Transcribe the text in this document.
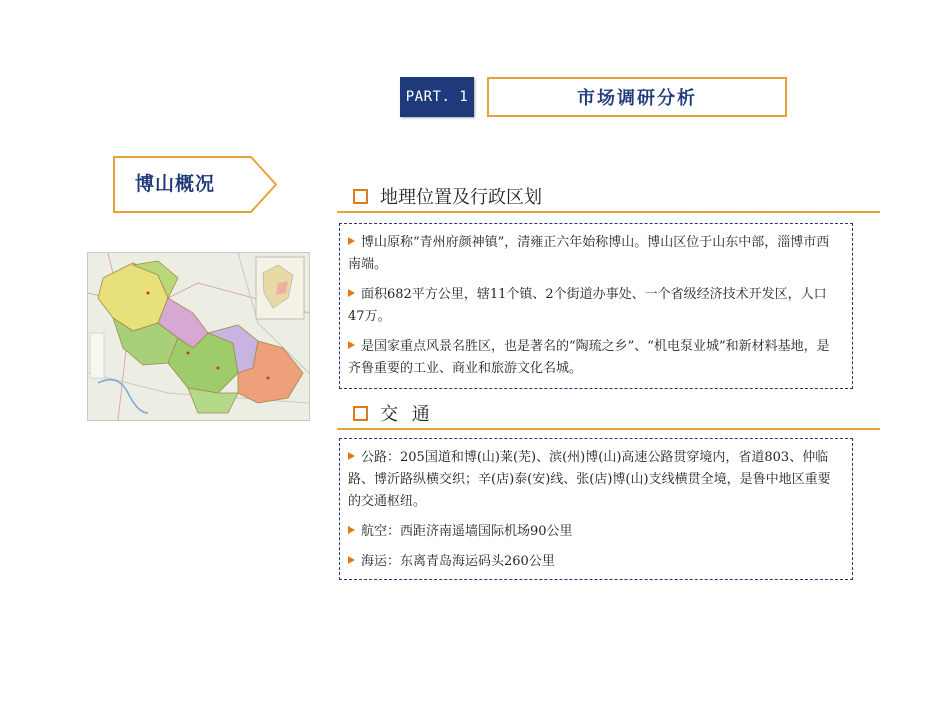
PART. 1	市场调研分析
博山概况
地理位置及行政区划
博山原称“青州府颜神镇”，清雍正六年始称博山。博山区位于山东中部，淄博市西南端。
面积682平方公里，辖11个镇、2个街道办事处、一个省级经济技术开发区，人口47万。
是国家重点风景名胜区，也是著名的“陶琉之乡”、“机电泵业城”和新材料基地，是齐鲁重要的工业、商业和旅游文化名城。
交 通
公路：205国道和博(山)莱(芜)、滨(州)博(山)高速公路贯穿境内，省道803、仲临路、博沂路纵横交织；辛(店)泰(安)线、张(店)博(山)支线横贯全境，是鲁中地区重要的交通枢纽。
航空：西距济南遥墙国际机场90公里
海运：东离青岛海运码头260公里
